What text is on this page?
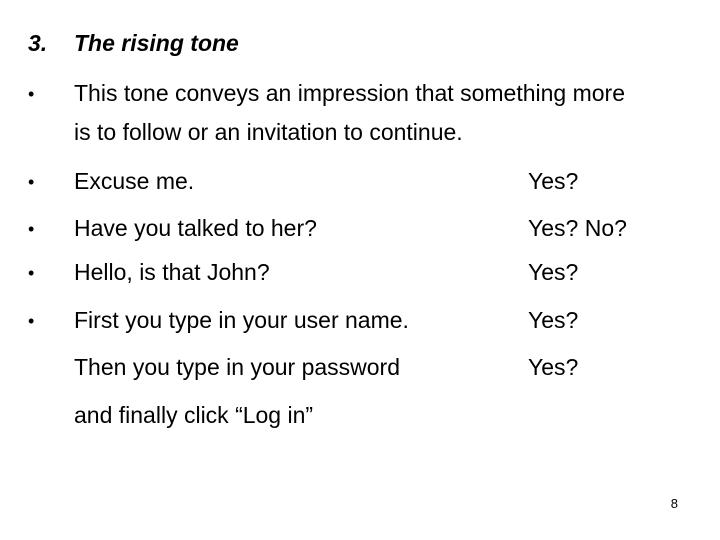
3. The rising tone
• This tone conveys an impression that something more
is to follow or an invitation to continue.
• Excuse me.	Yes?
• Have you talked to her?	Yes? No?
• Hello, is that John?	Yes?
• First you type in your user name.	Yes?
Then you type in your password	Yes?
and finally click “Log in”
8
